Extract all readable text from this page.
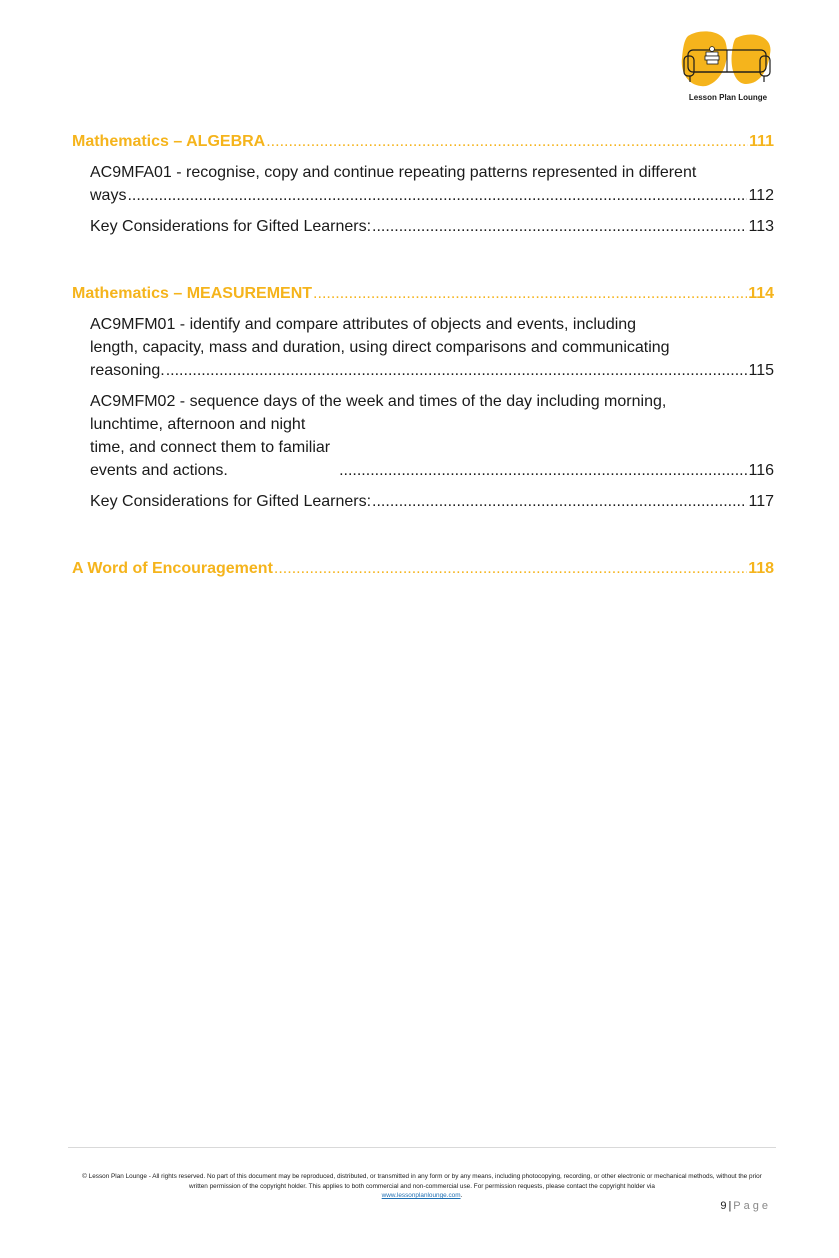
Lesson Plan Lounge
Mathematics – ALGEBRA .....	111
AC9MFA01 - recognise, copy and continue repeating patterns represented in different
ways .....	112
Key Considerations for Gifted Learners: .....	113
Mathematics – MEASUREMENT .....	114
AC9MFM01 - identify and compare attributes of objects and events, including
length, capacity, mass and duration, using direct comparisons and communicating
reasoning. .....	115
AC9MFM02 - sequence days of the week and times of the day including morning,
lunchtime, afternoon and night time, and connect them to familiar events and actions. .....	116
Key Considerations for Gifted Learners: .....	117
A Word of Encouragement .....	118
© Lesson Plan Lounge - All rights reserved. No part of this document may be reproduced, distributed, or transmitted in any form or by any means, including photocopying, recording, or other electronic or mechanical methods, without the prior written permission of the copyright holder. This applies to both commercial and non-commercial use. For permission requests, please contact the copyright holder via
www.lessonplanlounge.com.
9 | Page
